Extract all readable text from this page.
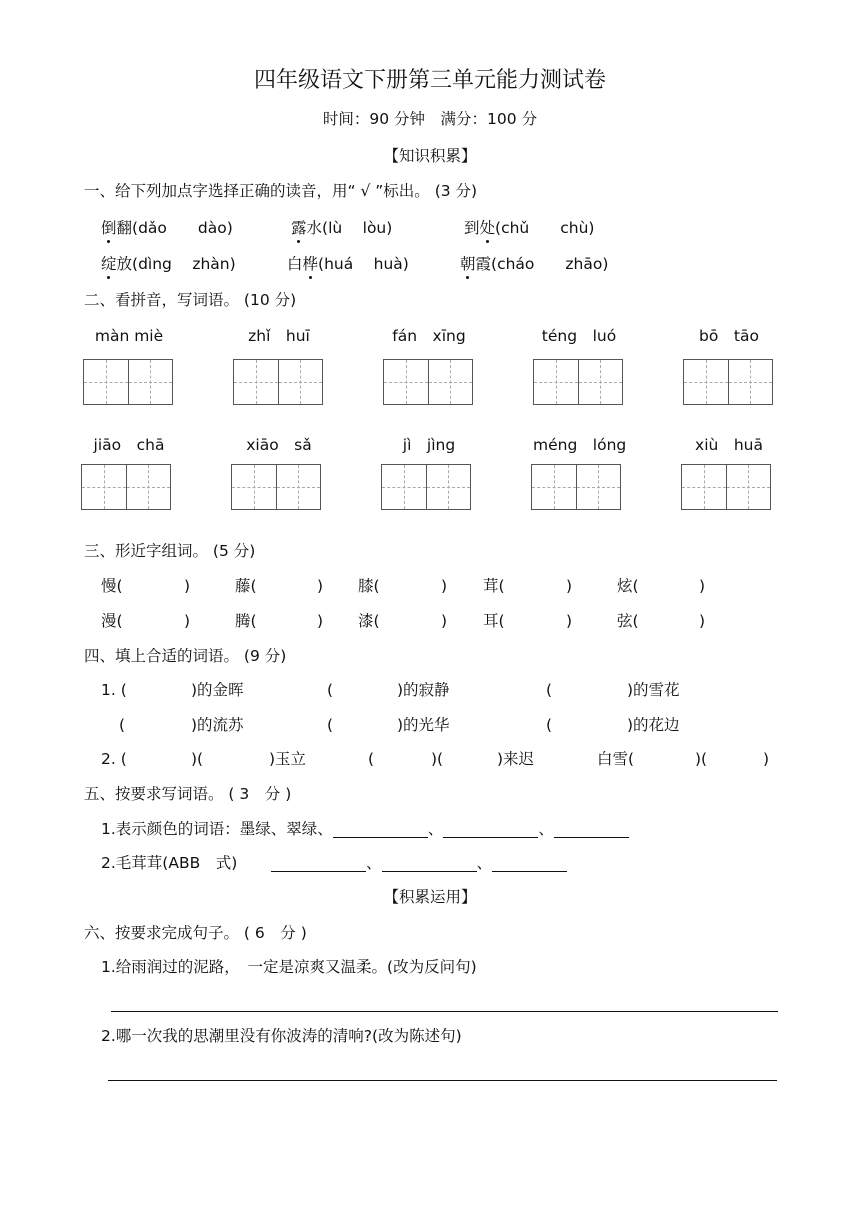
四年级语文下册第三单元能力测试卷
时间：90 分钟　满分：100 分
【知识积累】
一、给下列加点字选择正确的读音，用“ √ ”标出。 (3 分)
倒翻(dǎo　　dào)	露水(lù　 lòu)	到处(chǔ　　chù)
绽放(dìng　 zhàn)	白桦(huá　 huà)	朝霞(cháo　　zhāo)
二、看拼音，写词语。 (10 分)
màn miè	zhǐ　huī	fán　xīng	téng　luó	bō　tāo
jiāo　chā	xiāo　sǎ	jì　jìng	méng　lóng	xiù　huā
三、形近字组词。 (5 分)
慢(	)	藤(	) 膝(	) 茸(	)	炫(	)
漫(	)	腾(	) 漆(	) 耳(	)	弦(	)
四、填上合适的词语。 (9 分)
1. (	)的金晖	(	)的寂静	(	)的雪花
(	)的流苏	(	)的光华	(	)的花边
2. (	)(	)玉立	(	)(	)来迟	白雪(	)(	)
五、按要求写词语。 ( 3　分 )
1.表示颜色的词语：墨绿、翠绿、	、	、
2.毛茸茸(ABB　式)	、	、
【积累运用】
六、按要求完成句子。 ( 6　分 )
1.给雨润过的泥路，　一定是凉爽又温柔。(改为反问句)
2.哪一次我的思潮里没有你波涛的清响?(改为陈述句)
